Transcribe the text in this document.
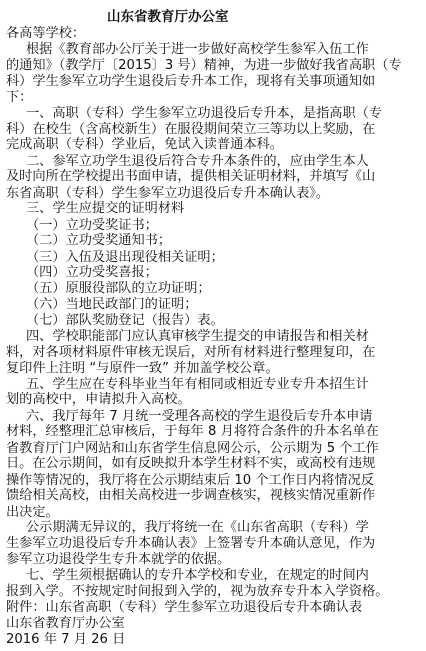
山东省教育厅办公室
各高等学校：
根据《教育部办公厅关于进一步做好高校学生参军入伍工作
的通知》（教学厅〔2015〕3 号）精神，为进一步做好我省高职（专
科）学生参军立功学生退役后专升本工作，现将有关事项通知如
下：
一、高职（专科）学生参军立功退役后专升本，是指高职（专
科）在校生（含高校新生）在服役期间荣立三等功以上奖励，在
完成高职（专科）学业后，免试入读普通本科。
二、参军立功学生退役后符合专升本条件的，应由学生本人
及时向所在学校提出书面申请，提供相关证明材料，并填写《山
东省高职（专科）学生参军立功退役后专升本确认表》。
三、学生应提交的证明材料
（一）立功受奖证书；
（二）立功受奖通知书；
（三）入伍及退出现役相关证明；
（四）立功受奖喜报；
（五）原服役部队的立功证明；
（六）当地民政部门的证明；
（七）部队奖励登记（报告）表。
四、学校职能部门应认真审核学生提交的申请报告和相关材
料，对各项材料原件审核无误后，对所有材料进行整理复印，在
复印件上注明 “与原件一致” 并加盖学校公章。
五、学生应在专科毕业当年有相同或相近专业专升本招生计
划的高校中，申请拟升入高校。
六、我厅每年 7 月统一受理各高校的学生退役后专升本申请
材料，经整理汇总审核后，于每年 8 月将符合条件的升本名单在
省教育厅门户网站和山东省学生信息网公示，公示期为 5 个工作
日。在公示期间，如有反映拟升本学生材料不实，或高校有违规
操作等情况的，我厅将在公示期结束后 10 个工作日内将情况反
馈给相关高校，由相关高校进一步调查核实，视核实情况重新作
出决定。
公示期满无异议的，我厅将统一在《山东省高职（专科）学
生参军立功退役后专升本确认表》上签署专升本确认意见，作为
参军立功退役学生专升本就学的依据。
七、学生须根据确认的专升本学校和专业，在规定的时间内
报到入学。不按规定时间报到入学的，视为放弃专升本入学资格。
附件：山东省高职（专科）学生参军立功退役后专升本确认表
山东省教育厅办公室
2016 年 7 月 26 日
